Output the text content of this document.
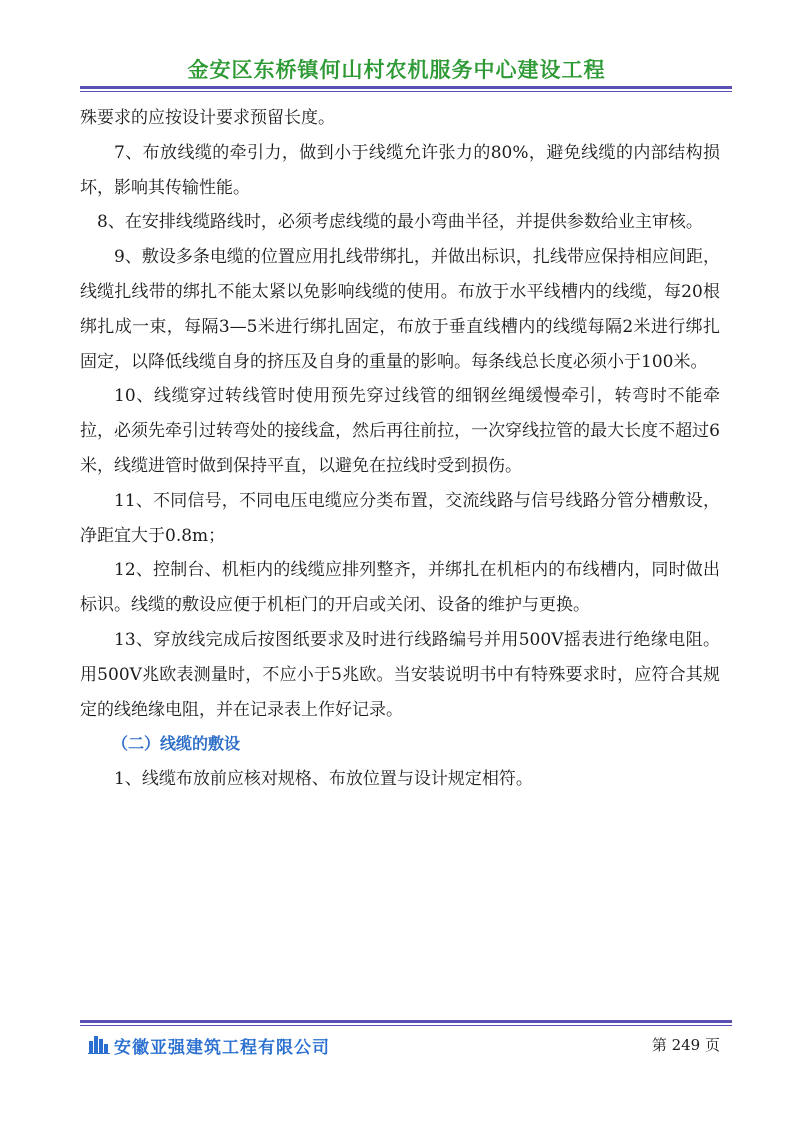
金安区东桥镇何山村农机服务中心建设工程

殊要求的应按设计要求预留长度。

7、布放线缆的牵引力，做到小于线缆允许张力的80%，避免线缆的内部结构损坏，影响其传输性能。

8、在安排线缆路线时，必须考虑线缆的最小弯曲半径，并提供参数给业主审核。

9、敷设多条电缆的位置应用扎线带绑扎，并做出标识，扎线带应保持相应间距，线缆扎线带的绑扎不能太紧以免影响线缆的使用。布放于水平线槽内的线缆，每20根绑扎成一束，每隔3—5米进行绑扎固定，布放于垂直线槽内的线缆每隔2米进行绑扎固定，以降低线缆自身的挤压及自身的重量的影响。每条线总长度必须小于100米。

10、线缆穿过转线管时使用预先穿过线管的细钢丝绳缓慢牵引，转弯时不能牵拉，必须先牵引过转弯处的接线盒，然后再往前拉，一次穿线拉管的最大长度不超过6米，线缆进管时做到保持平直，以避免在拉线时受到损伤。

11、不同信号，不同电压电缆应分类布置，交流线路与信号线路分管分槽敷设，净距宜大于0.8m；

12、控制台、机柜内的线缆应排列整齐，并绑扎在机柜内的布线槽内，同时做出标识。线缆的敷设应便于机柜门的开启或关闭、设备的维护与更换。

13、穿放线完成后按图纸要求及时进行线路编号并用500V摇表进行绝缘电阻。用500V兆欧表测量时，不应小于5兆欧。当安装说明书中有特殊要求时，应符合其规定的线绝缘电阻，并在记录表上作好记录。

（二）线缆的敷设

1、线缆布放前应核对规格、布放位置与设计规定相符。

安徽亚强建筑工程有限公司	第 249 页
